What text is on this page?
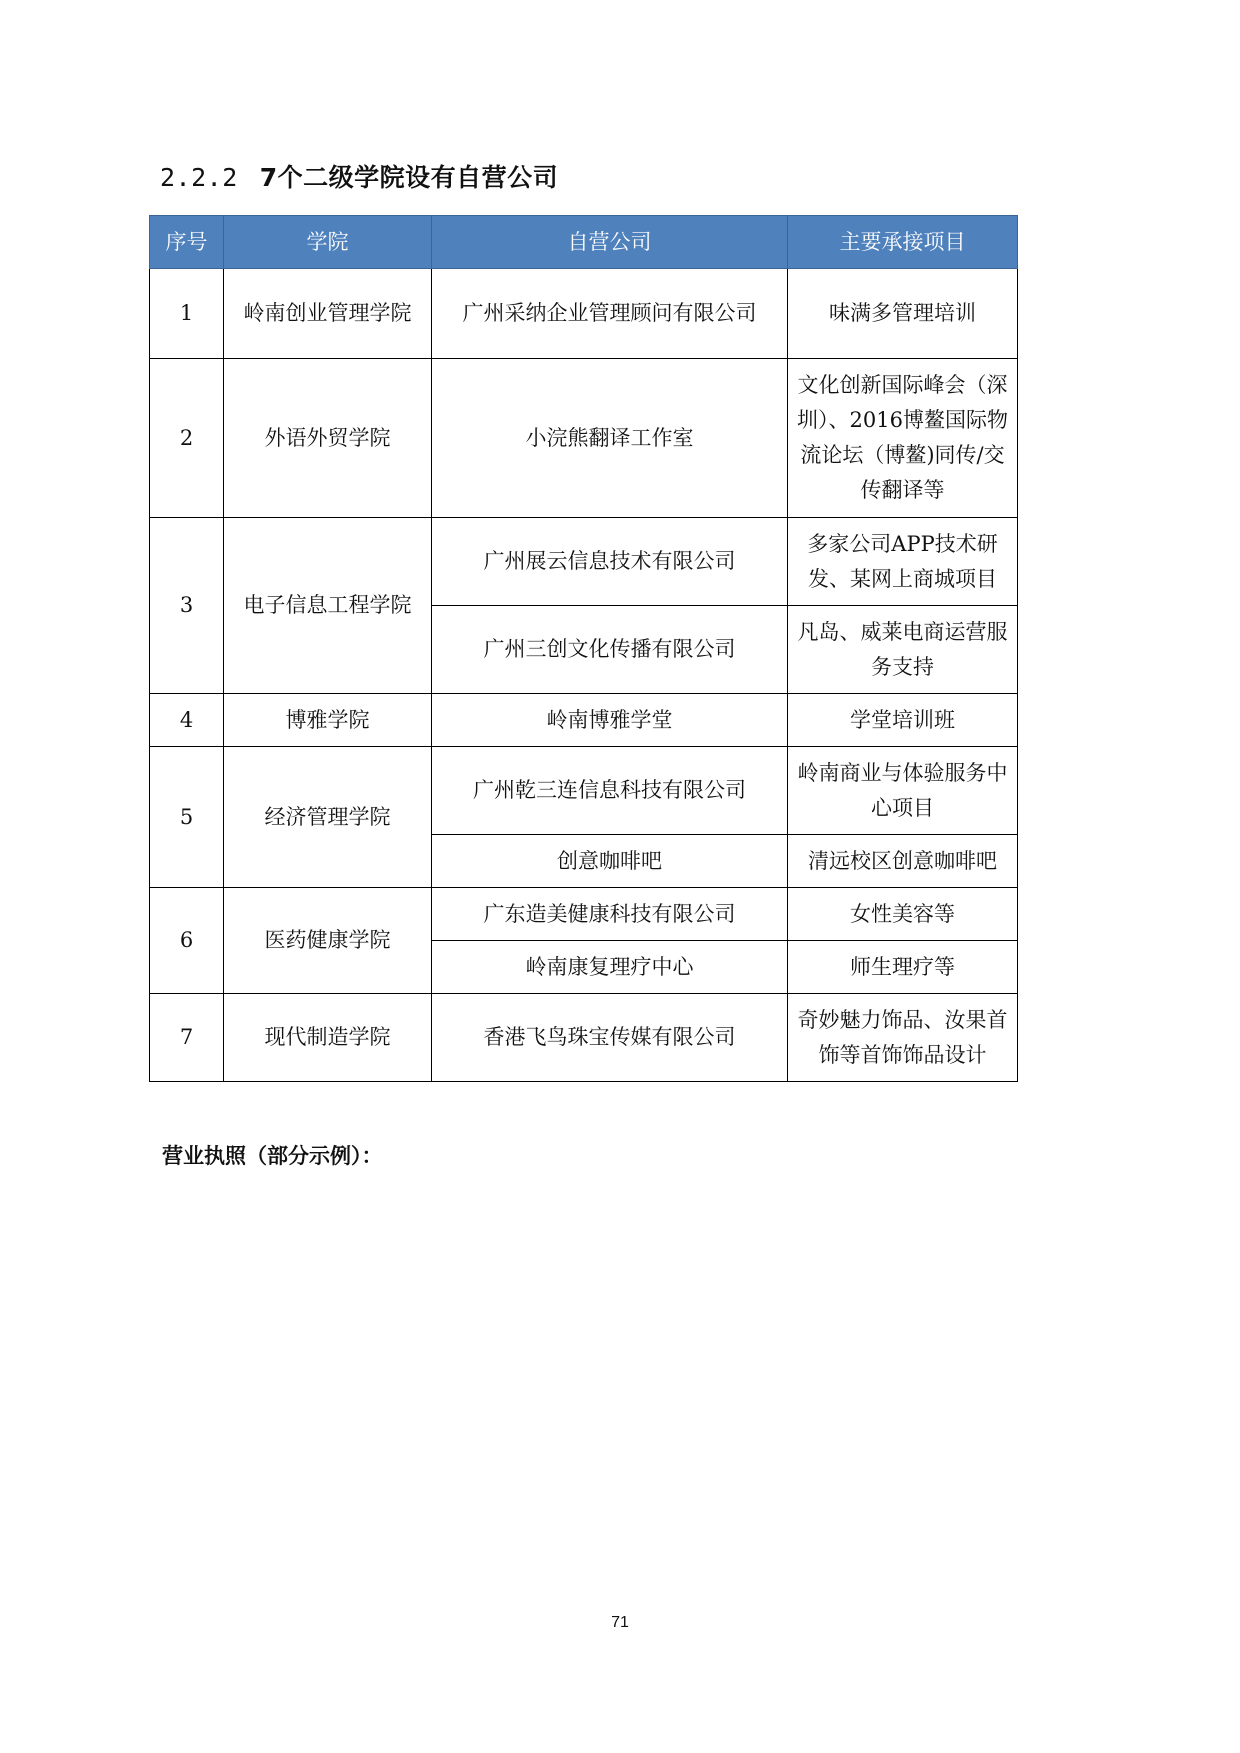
2.2.2 7个二级学院设有自营公司
序号	学院	自营公司	主要承接项目
1	岭南创业管理学院	广州采纳企业管理顾问有限公司	味满多管理培训
2	外语外贸学院	小浣熊翻译工作室	文化创新国际峰会（深圳）、2016博鳌国际物流论坛（博鳌)同传/交传翻译等
3	电子信息工程学院	广州展云信息技术有限公司	多家公司APP技术研发、某网上商城项目
		广州三创文化传播有限公司	凡岛、威莱电商运营服务支持
4	博雅学院	岭南博雅学堂	学堂培训班
5	经济管理学院	广州乾三连信息科技有限公司	岭南商业与体验服务中心项目
		创意咖啡吧	清远校区创意咖啡吧
6	医药健康学院	广东造美健康科技有限公司	女性美容等
		岭南康复理疗中心	师生理疗等
7	现代制造学院	香港飞鸟珠宝传媒有限公司	奇妙魅力饰品、汝果首饰等首饰饰品设计
营业执照（部分示例）：
71
